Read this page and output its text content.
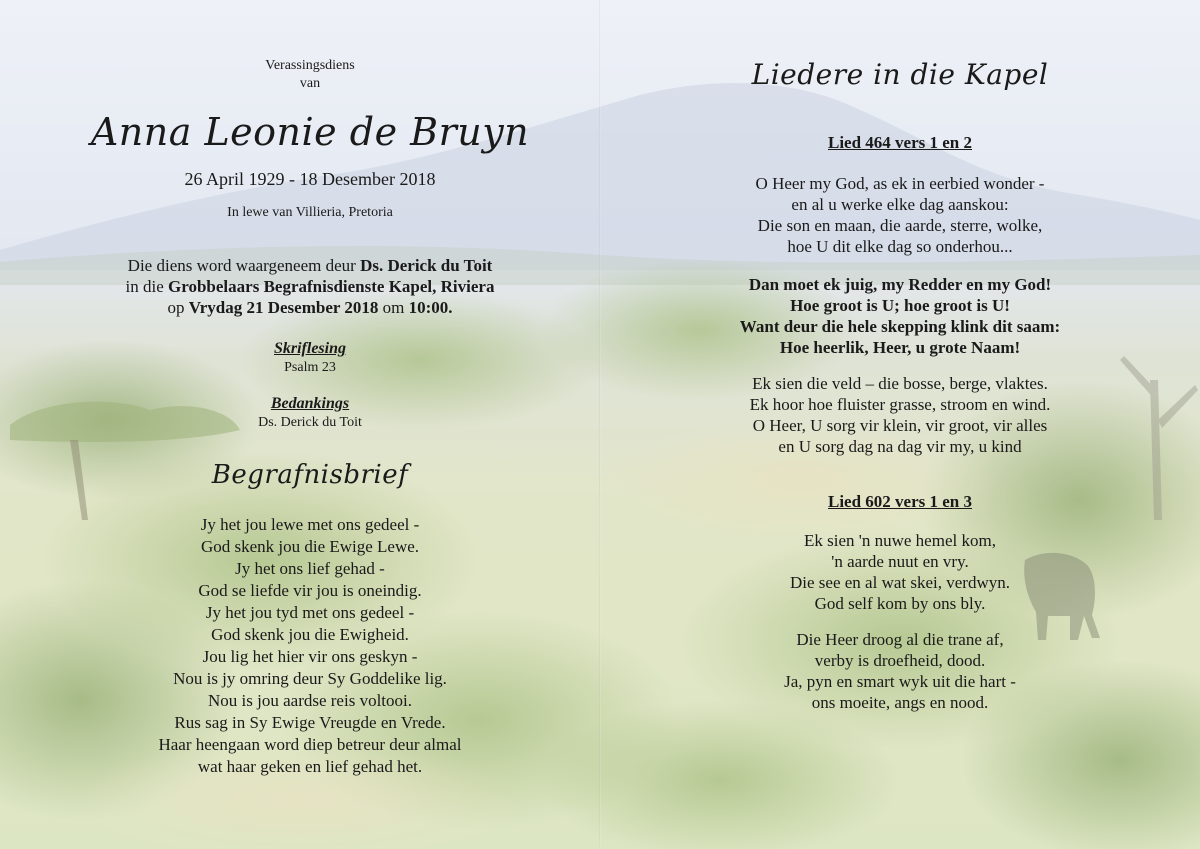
Verassingsdiens
van
Anna Leonie de Bruyn
26 April 1929 - 18 Desember 2018
In lewe van Villieria, Pretoria
Die diens word waargeneem deur Ds. Derick du Toit
in die Grobbelaars Begrafnisdienste Kapel, Riviera
op Vrydag 21 Desember 2018 om 10:00.
Skriflesing
Psalm 23
Bedankings
Ds. Derick du Toit
Begrafnisbrief
Jy het jou lewe met ons gedeel -
God skenk jou die Ewige Lewe.
Jy het ons lief gehad -
God se liefde vir jou is oneindig.
Jy het jou tyd met ons gedeel -
God skenk jou die Ewigheid.
Jou lig het hier vir ons geskyn -
Nou is jy omring deur Sy Goddelike lig.
Nou is jou aardse reis voltooi.
Rus sag in Sy Ewige Vreugde en Vrede.
Haar heengaan word diep betreur deur almal
wat haar geken en lief gehad het.
Liedere in die Kapel
Lied 464 vers 1 en 2
O Heer my God, as ek in eerbied wonder -
en al u werke elke dag aanskou:
Die son en maan, die aarde, sterre, wolke,
hoe U dit elke dag so onderhou...
Dan moet ek juig, my Redder en my God!
Hoe groot is U; hoe groot is U!
Want deur die hele skepping klink dit saam:
Hoe heerlik, Heer, u grote Naam!
Ek sien die veld – die bosse, berge, vlaktes.
Ek hoor hoe fluister grasse, stroom en wind.
O Heer, U sorg vir klein, vir groot, vir alles
en U sorg dag na dag vir my, u kind
Lied 602 vers 1 en 3
Ek sien 'n nuwe hemel kom,
'n aarde nuut en vry.
Die see en al wat skei, verdwyn.
God self kom by ons bly.
Die Heer droog al die trane af,
verby is droefheid, dood.
Ja, pyn en smart wyk uit die hart -
ons moeite, angs en nood.
